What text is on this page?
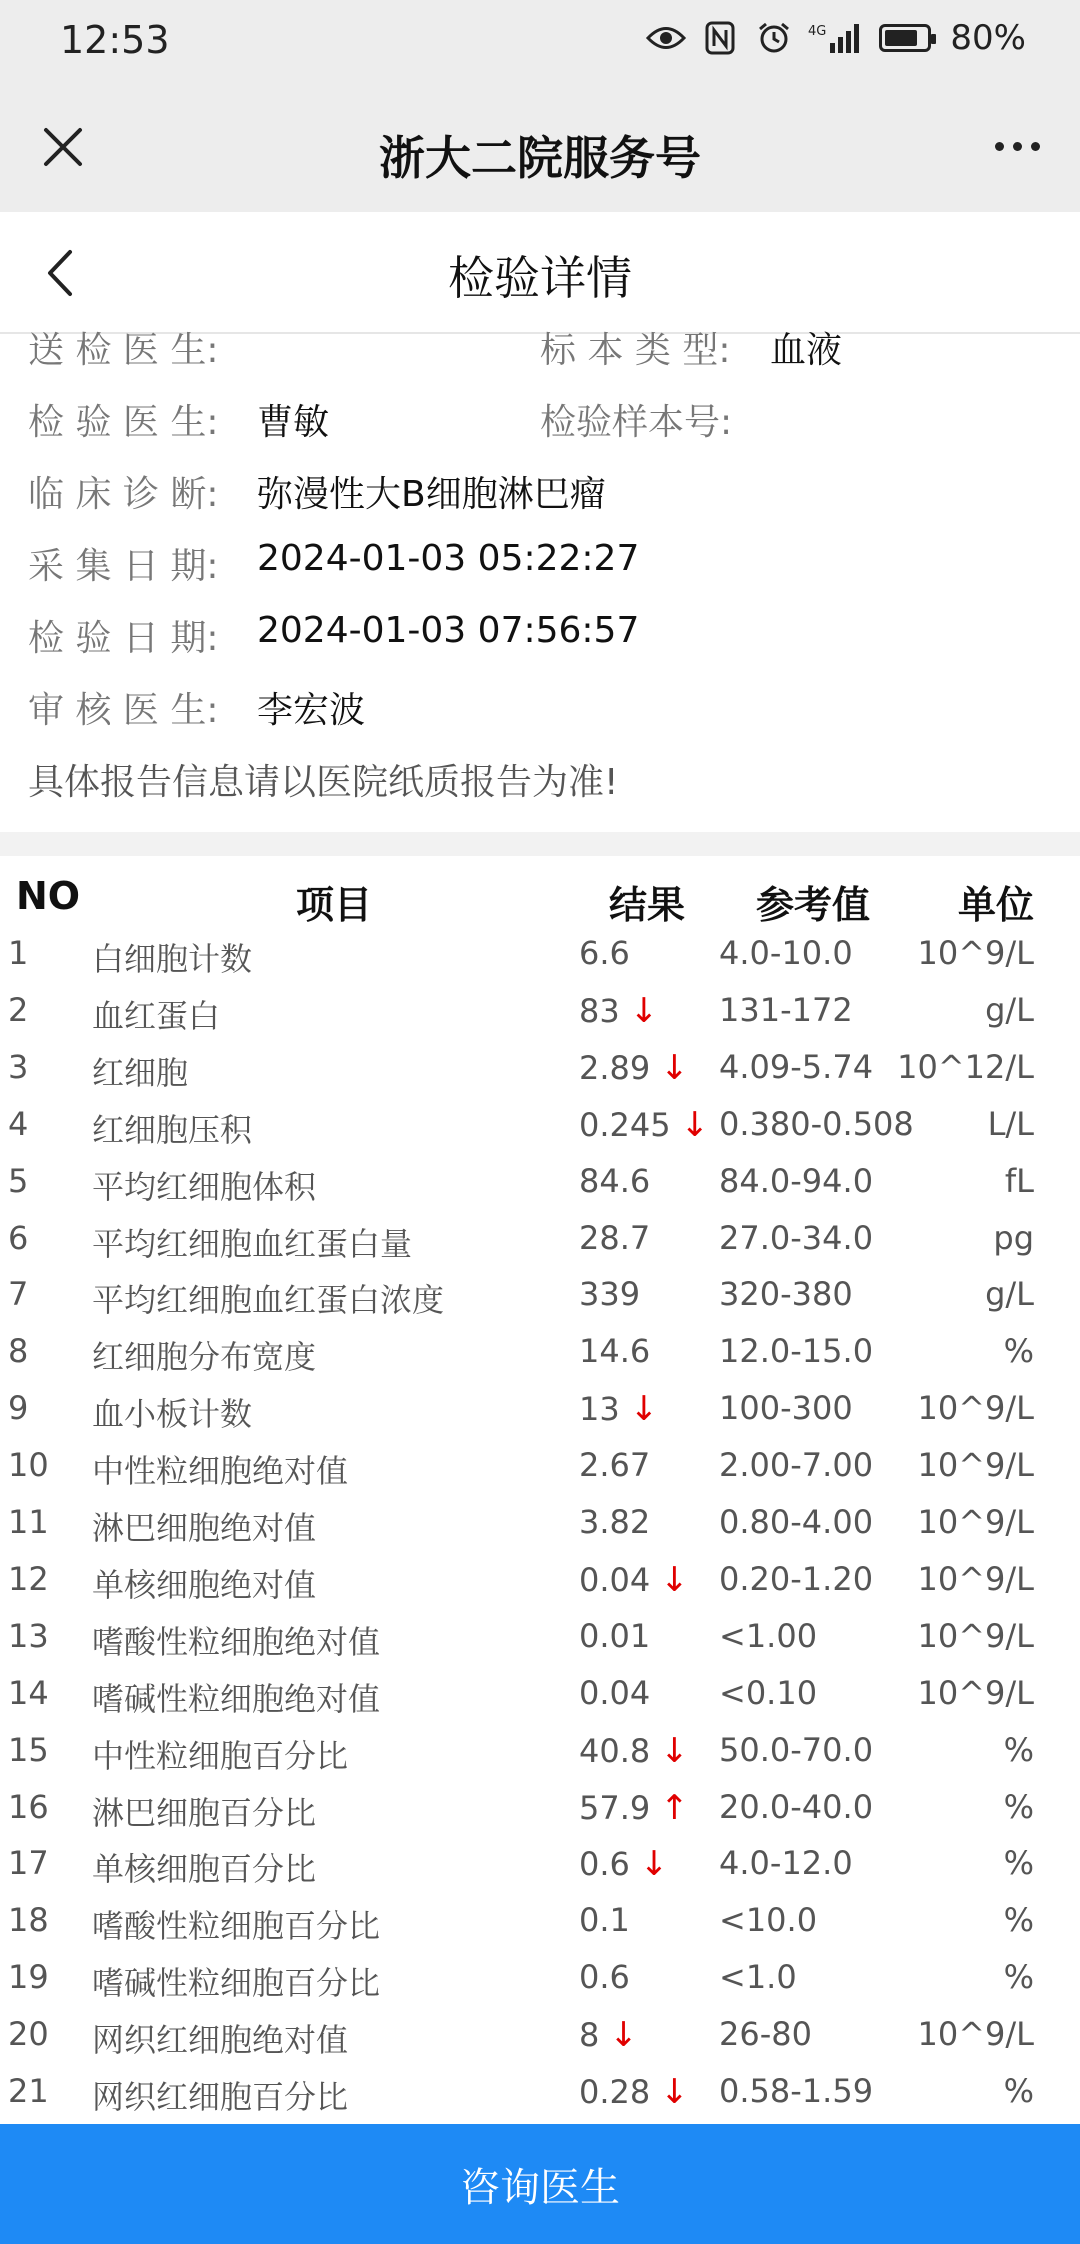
12:53	4G	80%
浙大二院服务号
检验详情
送 检 医 生:	标 本 类 型: 血液
检 验 医 生: 曹敏	检验样本号:
临 床 诊 断: 弥漫性大B细胞淋巴瘤
采 集 日 期: 2024-01-03 05:22:27
检 验 日 期: 2024-01-03 07:56:57
审 核 医 生: 李宏波
具体报告信息请以医院纸质报告为准!
NO	项目	结果 参考值 单位
1 白细胞计数	6.6	4.0-10.0 10^9/L
2 血红蛋白	83 ↓ 131-172	g/L
3 红细胞	2.89 ↓ 4.09-5.74 10^12/L
4 红细胞压积	0.245 ↓ 0.380-0.508 L/L
5 平均红细胞体积	84.6 84.0-94.0	fL
6 平均红细胞血红蛋白量	28.7 27.0-34.0	pg
7 平均红细胞血红蛋白浓度	339 320-380	g/L
8 红细胞分布宽度	14.6 12.0-15.0	%
9 血小板计数	13 ↓ 100-300 10^9/L
10 中性粒细胞绝对值	2.67 2.00-7.00 10^9/L
11 淋巴细胞绝对值	3.82 0.80-4.00 10^9/L
12 单核细胞绝对值	0.04 ↓ 0.20-1.20 10^9/L
13 嗜酸性粒细胞绝对值	0.01 <1.00	10^9/L
14 嗜碱性粒细胞绝对值	0.04 <0.10	10^9/L
15 中性粒细胞百分比	40.8 ↓ 50.0-70.0	%
16 淋巴细胞百分比	57.9 ↑ 20.0-40.0	%
17 单核细胞百分比	0.6 ↓ 4.0-12.0	%
18 嗜酸性粒细胞百分比	0.1	<10.0	%
19 嗜碱性粒细胞百分比	0.6	<1.0	%
20 网织红细胞绝对值	8 ↓	26-80	10^9/L
21 网织红细胞百分比	0.28 ↓ 0.58-1.59	%
咨询医生
